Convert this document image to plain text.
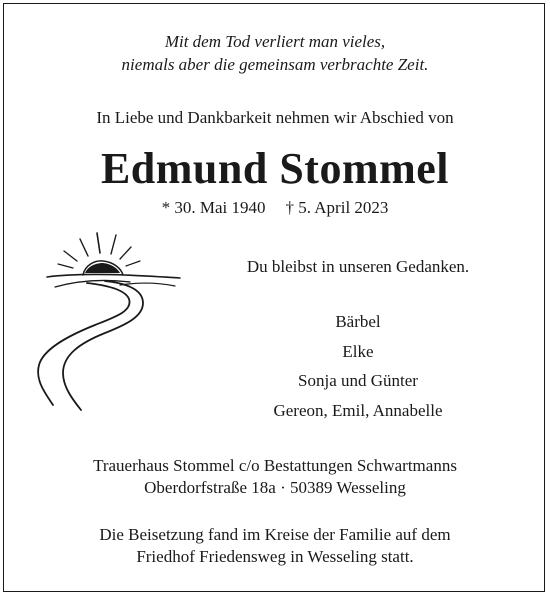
Mit dem Tod verliert man vieles,
niemals aber die gemeinsam verbrachte Zeit.
In Liebe und Dankbarkeit nehmen wir Abschied von
Edmund Stommel
* 30. Mai 1940 † 5. April 2023
Du bleibst in unseren Gedanken.
Bärbel
Elke
Sonja und Günter
Gereon, Emil, Annabelle
Trauerhaus Stommel c/o Bestattungen Schwartmanns
Oberdorfstraße 18a · 50389 Wesseling
Die Beisetzung fand im Kreise der Familie auf dem
Friedhof Friedensweg in Wesseling statt.
